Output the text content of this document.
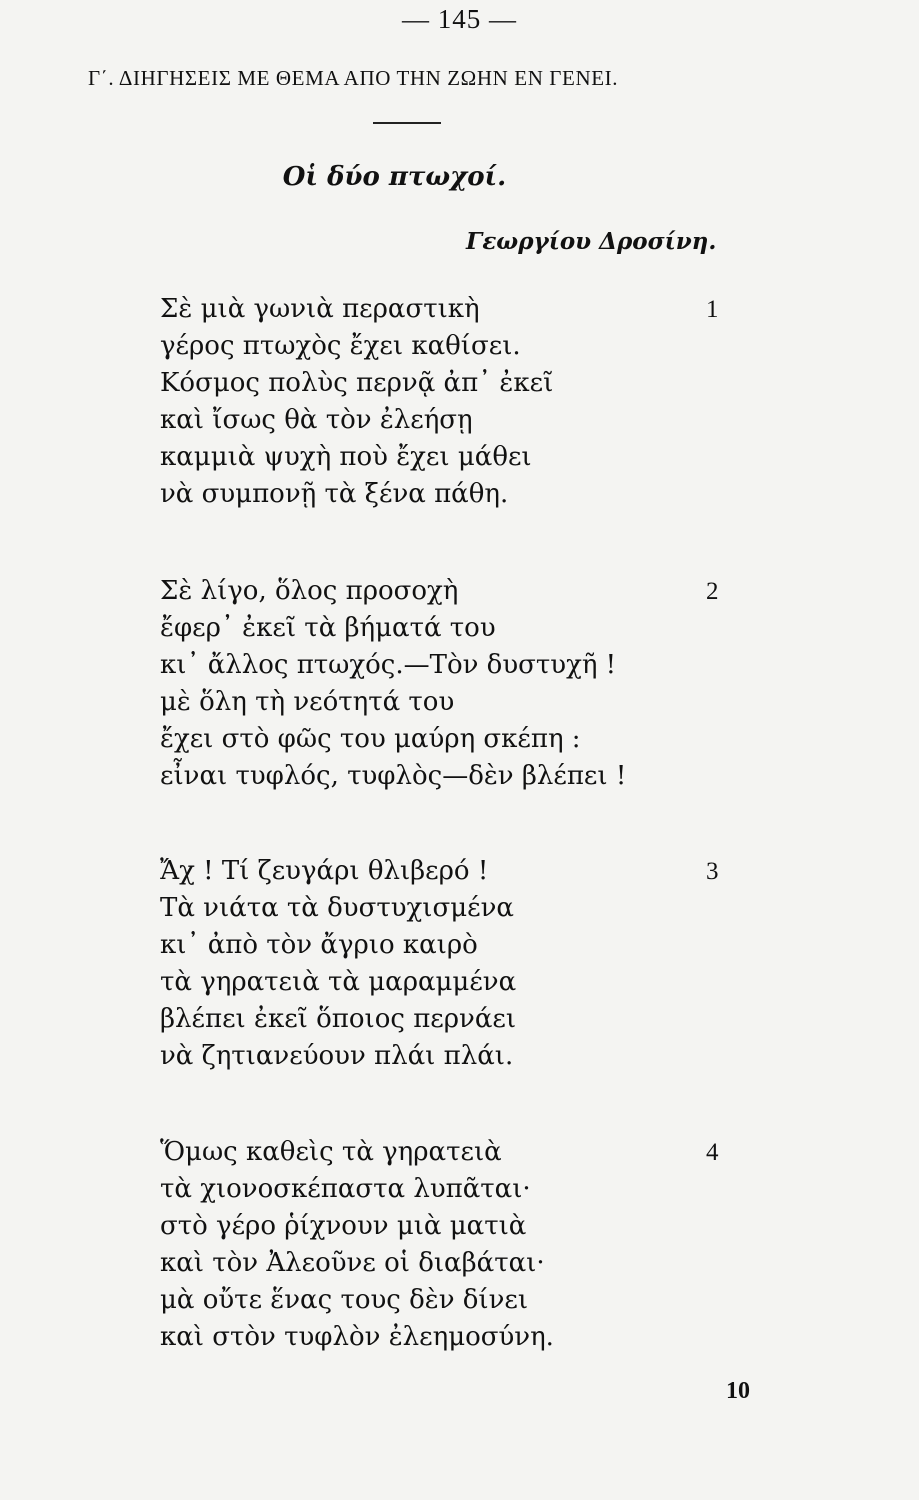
— 145 —
Γ΄. ΔΙΗΓΗΣΕΙΣ ΜΕ ΘΕΜΑ ΑΠΟ ΤΗΝ ΖΩΗΝ ΕΝ ΓΕΝΕΙ.
Οἱ δύο πτωχοί.
Γεωργίου Δροσίνη.
1
Σὲ μιὰ γωνιὰ περαστικὴ
γέρος πτωχὸς ἔχει καθίσει.
Κόσμος πολὺς περνᾷ ἀπ᾿ ἐκεῖ
καὶ ἴσως θὰ τὸν ἐλεήσῃ
καμμιὰ ψυχὴ ποὺ ἔχει μάθει
νὰ συμπονῇ τὰ ξένα πάθη.
2
Σὲ λίγο, ὅλος προσοχὴ
ἔφερ᾿ ἐκεῖ τὰ βήματά του
κι᾿ ἄλλος πτωχός.—Τὸν δυστυχῆ !
μὲ ὅλη τὴ νεότητά του
ἔχει στὸ φῶς του μαύρη σκέπη :
εἶναι τυφλός, τυφλὸς—δὲν βλέπει !
3
Ἄχ ! Τί ζευγάρι θλιβερό !
Τὰ νιάτα τὰ δυστυχισμένα
κι᾿ ἀπὸ τὸν ἄγριο καιρὸ
τὰ γηρατειὰ τὰ μαραμμένα
βλέπει ἐκεῖ ὅποιος περνάει
νὰ ζητιανεύουν πλάι πλάι.
4
Ὅμως καθεὶς τὰ γηρατειὰ
τὰ χιονοσκέπαστα λυπᾶται·
στὸ γέρο ῥίχνουν μιὰ ματιὰ
καὶ τὸν Ἀλεοῦνε οἱ διαβάται·
μὰ οὔτε ἕνας τους δὲν δίνει
καὶ στὸν τυφλὸν ἐλεημοσύνη.
10
